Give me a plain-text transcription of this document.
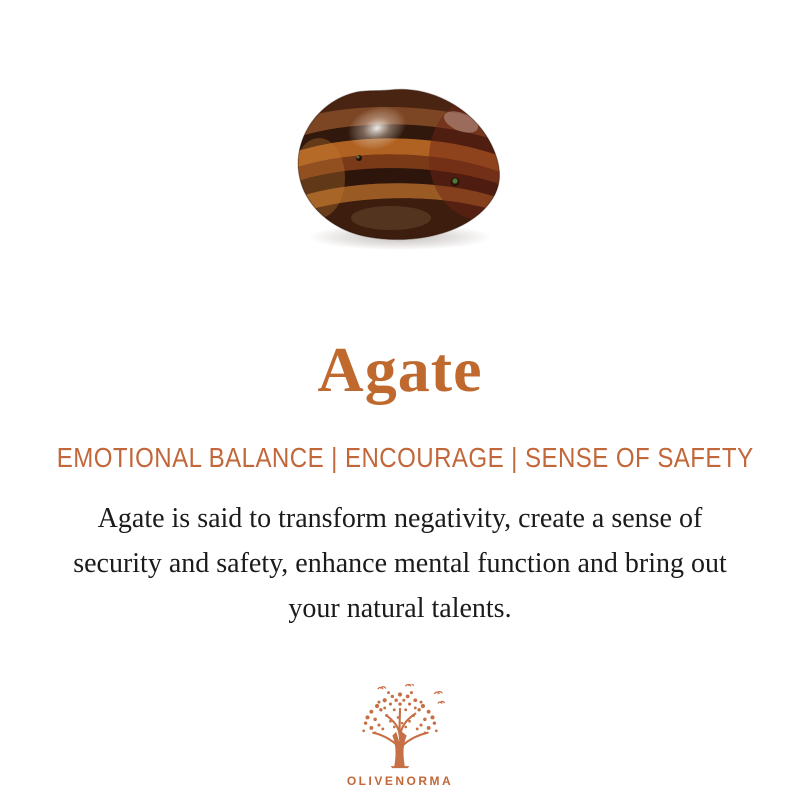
Agate
EMOTIONAL BALANCE | ENCOURAGE | SENSE OF SAFETY
Agate is said to transform negativity, create a sense of security and safety, enhance mental function and bring out your natural talents.
OLIVENORMA
